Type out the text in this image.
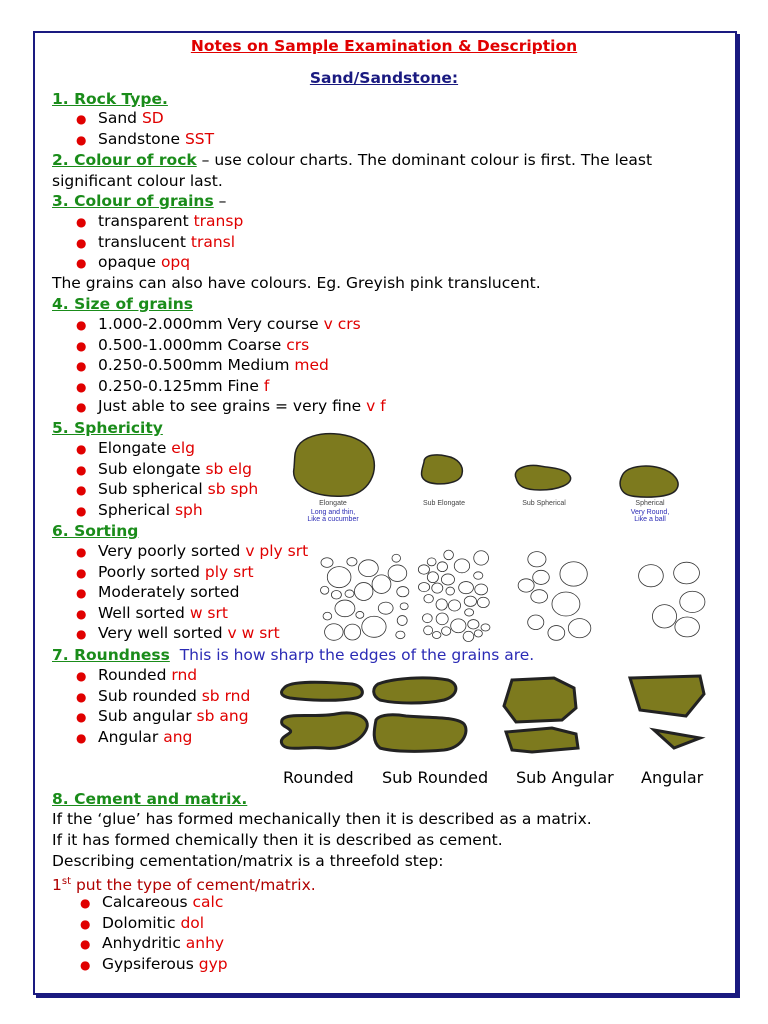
Notes on Sample Examination & Description
Sand/Sandstone:
1. Rock Type.
● Sand SD
● Sandstone SST
2. Colour of rock – use colour charts. The dominant colour is first. The least
significant colour last.
3. Colour of grains –
● transparent transp
● translucent transl
● opaque opq
The grains can also have colours. Eg. Greyish pink translucent.
4. Size of grains
● 1.000-2.000mm Very course v crs
● 0.500-1.000mm Coarse crs
● 0.250-0.500mm Medium med
● 0.250-0.125mm Fine f
● Just able to see grains = very fine v f
5. Sphericity
● Elongate elg
● Sub elongate sb elg
● Sub spherical sb sph
● Spherical sph	Elongate
Long and thin,
Like a cucumber
Sub Elongate	Sub Spherical	Spherical
Very Round,
Like a ball
6. Sorting
● Very poorly sorted v ply srt
● Poorly sorted ply srt
● Moderately sorted
● Well sorted w srt
● Very well sorted v w srt
7. Roundness This is how sharp the edges of the grains are.
● Rounded rnd
● Sub rounded sb rnd
● Sub angular sb ang
● Angular ang
Rounded Sub Rounded Sub Angular Angular
8. Cement and matrix.
If the ‘glue’ has formed mechanically then it is described as a matrix.
If it has formed chemically then it is described as cement.
Describing cementation/matrix is a threefold step:
1st put the type of cement/matrix.
● Calcareous calc
● Dolomitic dol
● Anhydritic anhy
● Gypsiferous gyp
